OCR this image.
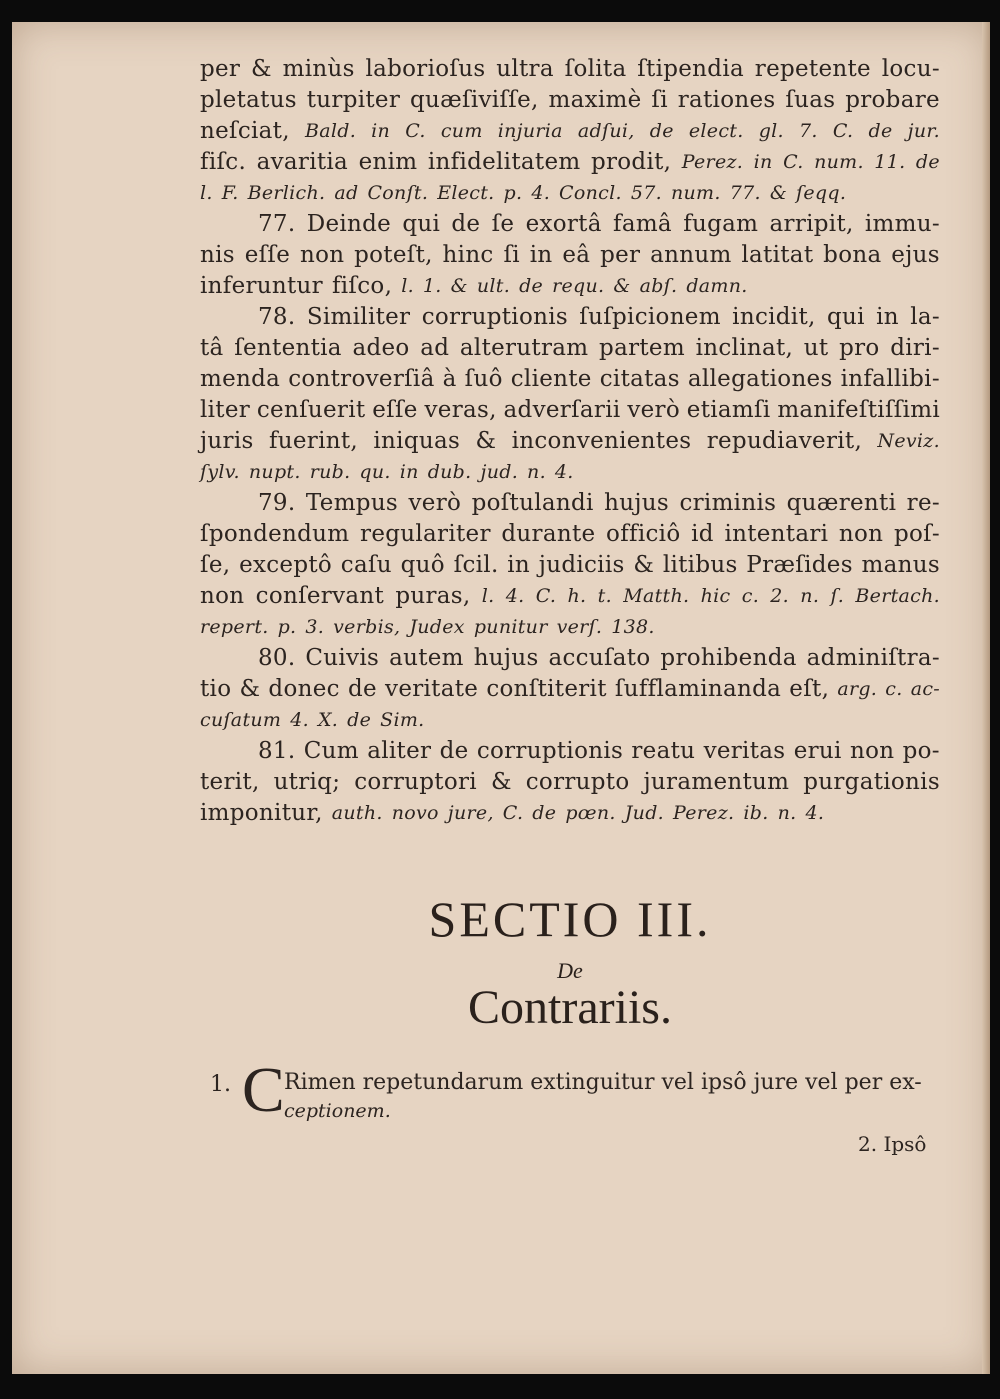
per & minùs laborioſus ultra ſolita ſtipendia repetente locu-
pletatus turpiter quæſiviſſe, maximè ſi rationes ſuas probare
neſciat, Bald. in C. cum injuria adſui, de elect. gl. 7. C. de jur.
fiſc. avaritia enim infidelitatem prodit, Perez. in C. num. 11. de
l. F. Berlich. ad Conſt. Elect. p. 4. Concl. 57. num. 77. & ſeqq.
77. Deinde qui de ſe exortâ famâ fugam arripit, immu-
nis eſſe non poteſt, hinc ſi in eâ per annum latitat bona ejus
inferuntur fiſco, l. 1. & ult. de requ. & abſ. damn.
78. Similiter corruptionis ſuſpicionem incidit, qui in la-
tâ ſententia adeo ad alterutram partem inclinat, ut pro diri-
menda controverſiâ à ſuô cliente citatas allegationes infallibi-
liter cenſuerit eſſe veras, adverſarii verò etiamſi manifeſtiſſimi
juris fuerint, iniquas & inconvenientes repudiaverit, Neviz.
ſylv. nupt. rub. qu. in dub. jud. n. 4.
79. Tempus verò poſtulandi hujus criminis quærenti re-
ſpondendum regulariter durante officiô id intentari non poſ-
ſe, exceptô caſu quô ſcil. in judiciis & litibus Præſides manus
non conſervant puras, l. 4. C. h. t. Matth. hic c. 2. n. ſ. Bertach.
repert. p. 3. verbis, Judex punitur verſ. 138.
80. Cuivis autem hujus accuſato prohibenda adminiſtra-
tio & donec de veritate conſtiterit ſufflaminanda eſt, arg. c. ac-
cuſatum 4. X. de Sim.
81. Cum aliter de corruptionis reatu veritas erui non po-
terit, utriq; corruptori & corrupto juramentum purgationis
imponitur, auth. novo jure, C. de pœn. Jud. Perez. ib. n. 4.
SECTIO III.
De
Contrariis.
1. C Rimen repetundarum extinguitur vel ipsô jure vel per ex-
ceptionem.
2. Ipsô
